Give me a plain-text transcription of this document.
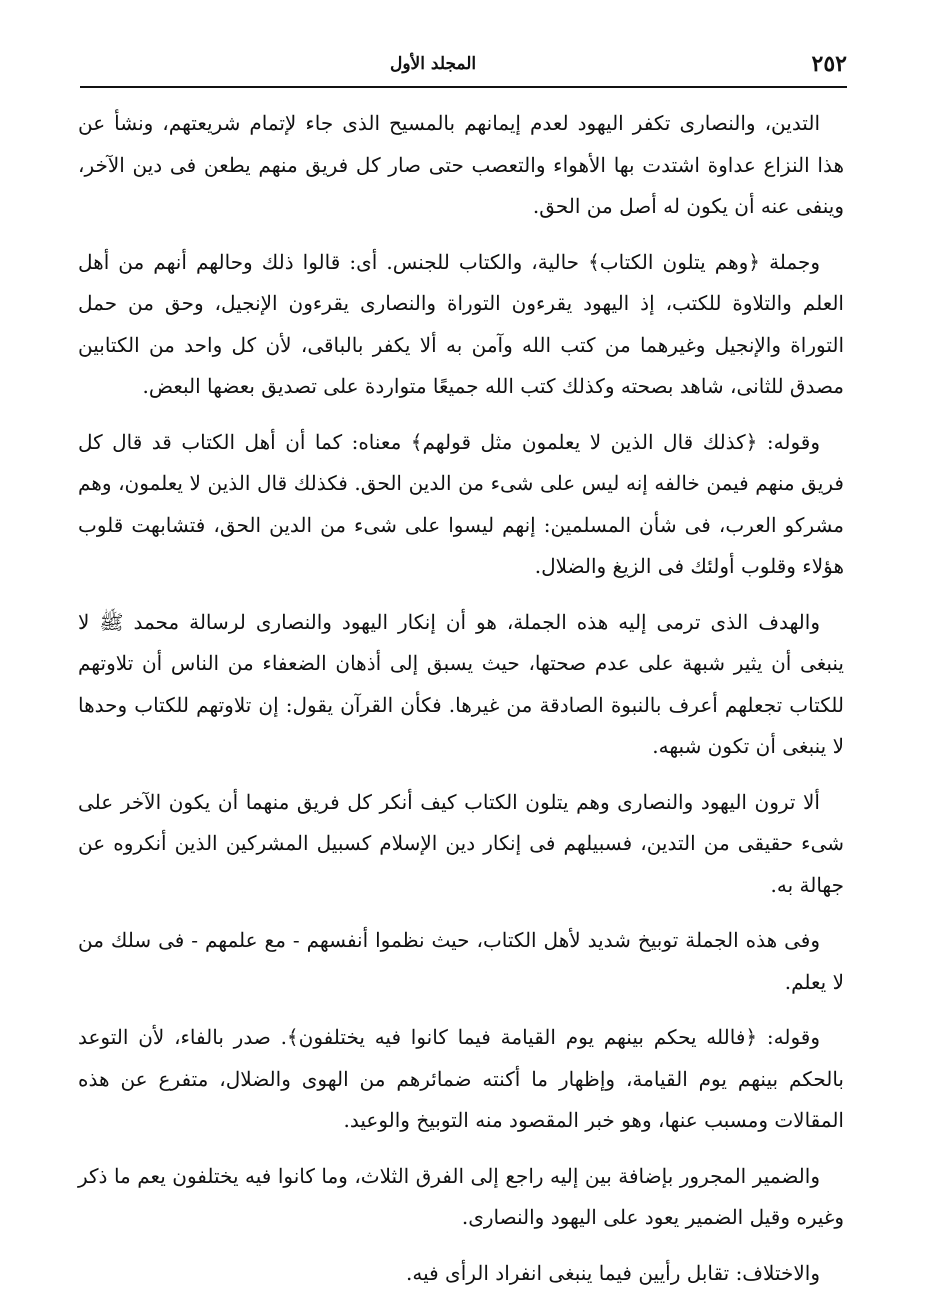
٢٥٢
المجلد الأول

التدين، والنصارى تكفر اليهود لعدم إيمانهم بالمسيح الذى جاء لإتمام شريعتهم، ونشأ عن هذا النزاع عداوة اشتدت بها الأهواء والتعصب حتى صار كل فريق منهم يطعن فى دين الآخر، وينفى عنه أن يكون له أصل من الحق.

وجملة ﴿وهم يتلون الكتاب﴾ حالية، والكتاب للجنس. أى: قالوا ذلك وحالهم أنهم من أهل العلم والتلاوة للكتب، إذ اليهود يقرءون التوراة والنصارى يقرءون الإنجيل، وحق من حمل التوراة والإنجيل وغيرهما من كتب الله وآمن به ألا يكفر بالباقى، لأن كل واحد من الكتابين مصدق للثانى، شاهد بصحته وكذلك كتب الله جميعًا متواردة على تصديق بعضها البعض.

وقوله: ﴿كذلك قال الذين لا يعلمون مثل قولهم﴾ معناه: كما أن أهل الكتاب قد قال كل فريق منهم فيمن خالفه إنه ليس على شىء من الدين الحق. فكذلك قال الذين لا يعلمون، وهم مشركو العرب، فى شأن المسلمين: إنهم ليسوا على شىء من الدين الحق، فتشابهت قلوب هؤلاء وقلوب أولئك فى الزيغ والضلال.

والهدف الذى ترمى إليه هذه الجملة، هو أن إنكار اليهود والنصارى لرسالة محمد ﷺ لا ينبغى أن يثير شبهة على عدم صحتها، حيث يسبق إلى أذهان الضعفاء من الناس أن تلاوتهم للكتاب تجعلهم أعرف بالنبوة الصادقة من غيرها. فكأن القرآن يقول: إن تلاوتهم للكتاب وحدها لا ينبغى أن تكون شبهه.

ألا ترون اليهود والنصارى وهم يتلون الكتاب كيف أنكر كل فريق منهما أن يكون الآخر على شىء حقيقى من التدين، فسبيلهم فى إنكار دين الإسلام كسبيل المشركين الذين أنكروه عن جهالة به.

وفى هذه الجملة توبيخ شديد لأهل الكتاب، حيث نظموا أنفسهم - مع علمهم - فى سلك من لا يعلم.

وقوله: ﴿فالله يحكم بينهم يوم القيامة فيما كانوا فيه يختلفون﴾. صدر بالفاء، لأن التوعد بالحكم بينهم يوم القيامة، وإظهار ما أكنته ضمائرهم من الهوى والضلال، متفرع عن هذه المقالات ومسبب عنها، وهو خبر المقصود منه التوبيخ والوعيد.

والضمير المجرور بإضافة بين إليه راجع إلى الفرق الثلاث، وما كانوا فيه يختلفون يعم ما ذكر وغيره وقيل الضمير يعود على اليهود والنصارى.

والاختلاف: تقابل رأيين فيما ينبغى انفراد الرأى فيه.
